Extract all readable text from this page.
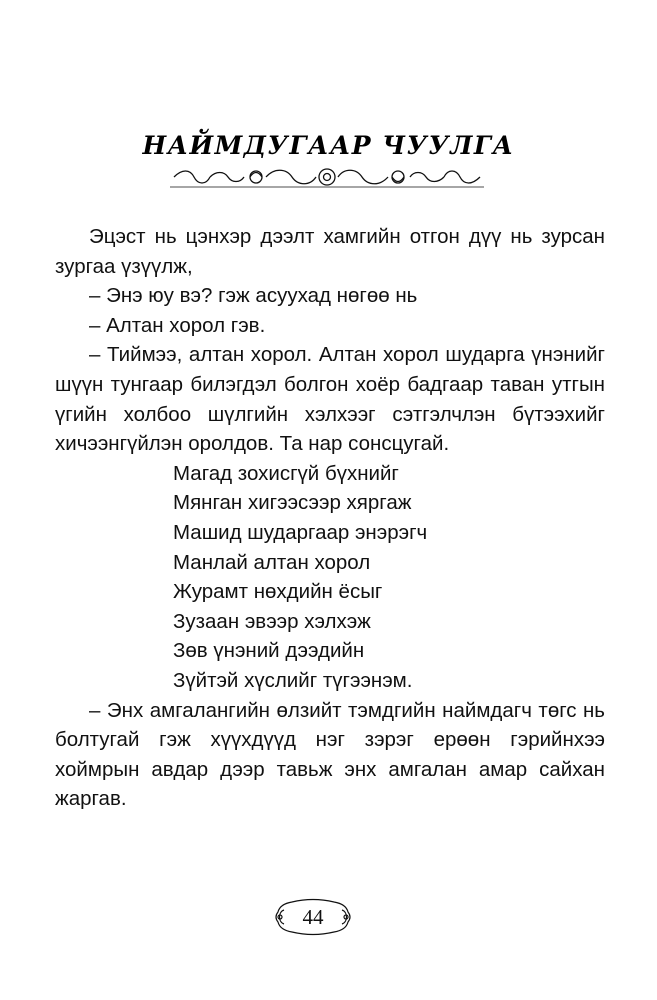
НАЙМДУГААР ЧУУЛГА

Эцэст нь цэнхэр дээлт хамгийн отгон дүү нь зурсан зургаа үзүүлж,

– Энэ юу вэ? гэж асуухад нөгөө нь

– Алтан хорол гэв.

– Тиймээ, алтан хорол. Алтан хорол шударга үнэнийг шүүн тунгаар билэгдэл болгон хоёр бадгаар таван утгын үгийн холбоо шүлгийн хэлхээг сэтгэлчлэн бүтээхийг хичээнгүйлэн оролдов. Та нар сонсцугай.

Магад зохисгүй бүхнийг
Мянган хигээсээр хяргаж
Машид шударгаар энэрэгч
Манлай алтан хорол
Журамт нөхдийн ёсыг
Зузаан эвээр хэлхэж
Зөв үнэний дээдийн
Зүйтэй хүслийг түгээнэм.

– Энх амгалангийн өлзийт тэмдгийн наймдагч төгс нь болтугай гэж хүүхдүүд нэг зэрэг ерөөн гэрийнхээ хоймрын авдар дээр тавьж энх амгалан амар сайхан жаргав.

44
